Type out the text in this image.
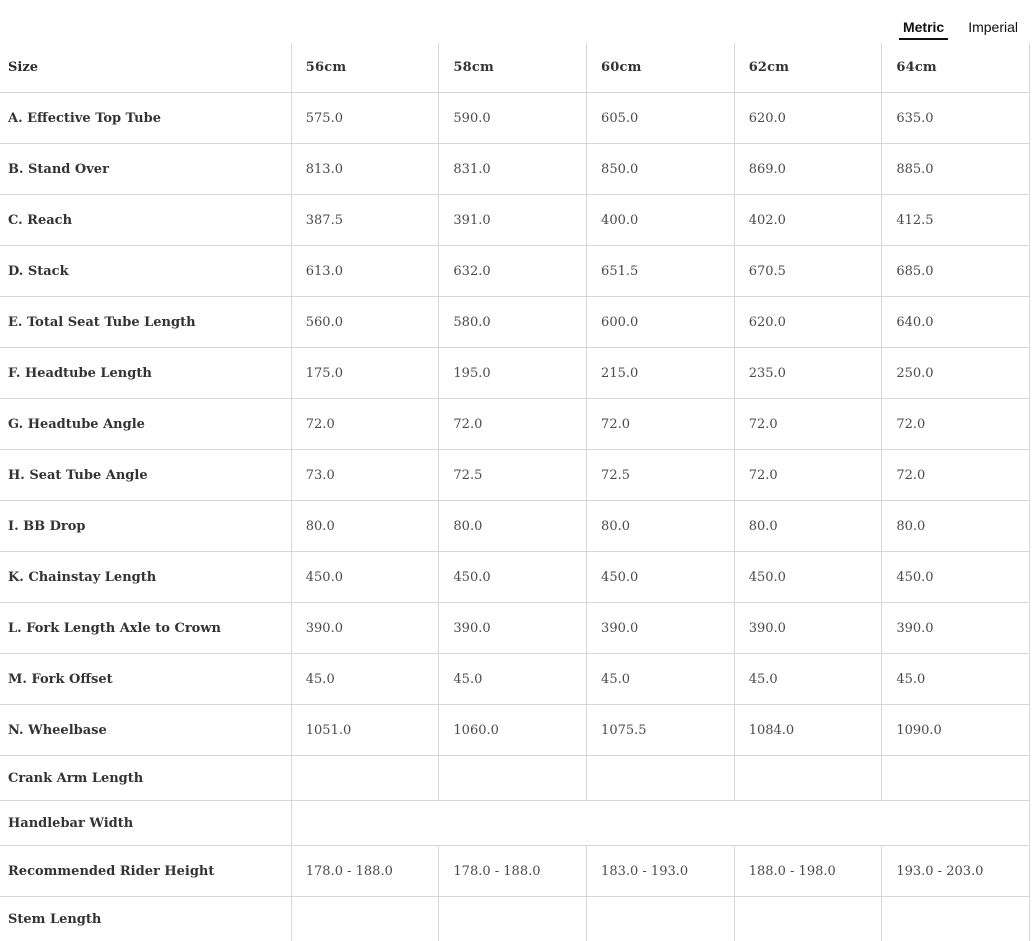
Metric Imperial
Size	56cm	58cm	60cm	62cm	64cm
A. Effective Top Tube	575.0	590.0	605.0	620.0	635.0
B. Stand Over	813.0	831.0	850.0	869.0	885.0
C. Reach	387.5	391.0	400.0	402.0	412.5
D. Stack	613.0	632.0	651.5	670.5	685.0
E. Total Seat Tube Length	560.0	580.0	600.0	620.0	640.0
F. Headtube Length	175.0	195.0	215.0	235.0	250.0
G. Headtube Angle	72.0	72.0	72.0	72.0	72.0
H. Seat Tube Angle	73.0	72.5	72.5	72.0	72.0
I. BB Drop	80.0	80.0	80.0	80.0	80.0
K. Chainstay Length	450.0	450.0	450.0	450.0	450.0
L. Fork Length Axle to Crown	390.0	390.0	390.0	390.0	390.0
M. Fork Offset	45.0	45.0	45.0	45.0	45.0
N. Wheelbase	1051.0	1060.0	1075.5	1084.0	1090.0
Crank Arm Length					
Handlebar Width					
Recommended Rider Height	178.0 - 188.0	178.0 - 188.0	183.0 - 193.0	188.0 - 198.0	193.0 - 203.0
Stem Length					
